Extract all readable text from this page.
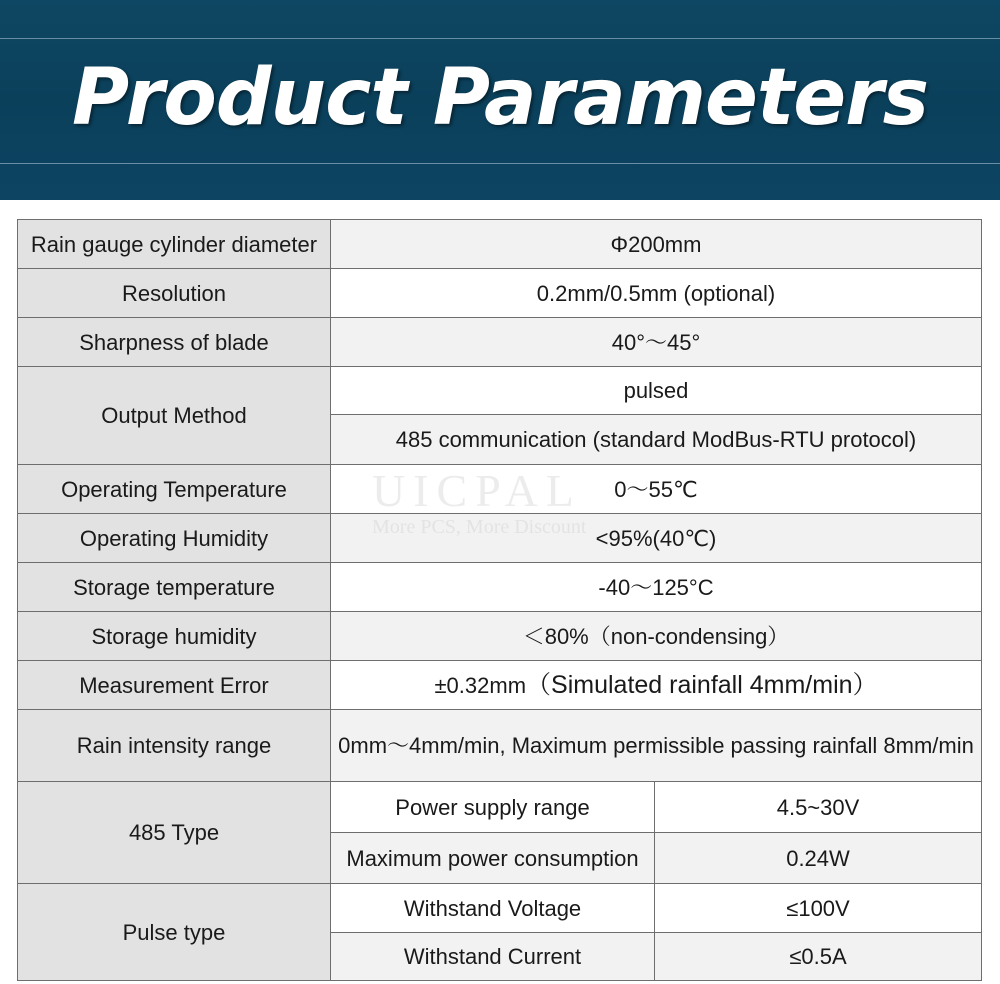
Product Parameters
Rain gauge cylinder diameter	Φ200mm	
Resolution	0.2mm/0.5mm (optional)	
Sharpness of blade	40°～45°	
Output Method	pulsed	
	485 communication (standard ModBus-RTU protocol)	
Operating Temperature	0～55℃	
Operating Humidity	<95%(40℃)	
Storage temperature	-40～125°C	
Storage humidity	＜80%（non-condensing）	
Measurement Error	±0.32mm（Simulated rainfall 4mm/min）	
Rain intensity range	0mm～4mm/min, Maximum permissible passing rainfall 8mm/min	
485 Type	Power supply range	4.5~30V
	Maximum power consumption	0.24W
Pulse type	Withstand Voltage	≤100V
	Withstand Current	≤0.5A
UICPAL
More PCS, More Discount
